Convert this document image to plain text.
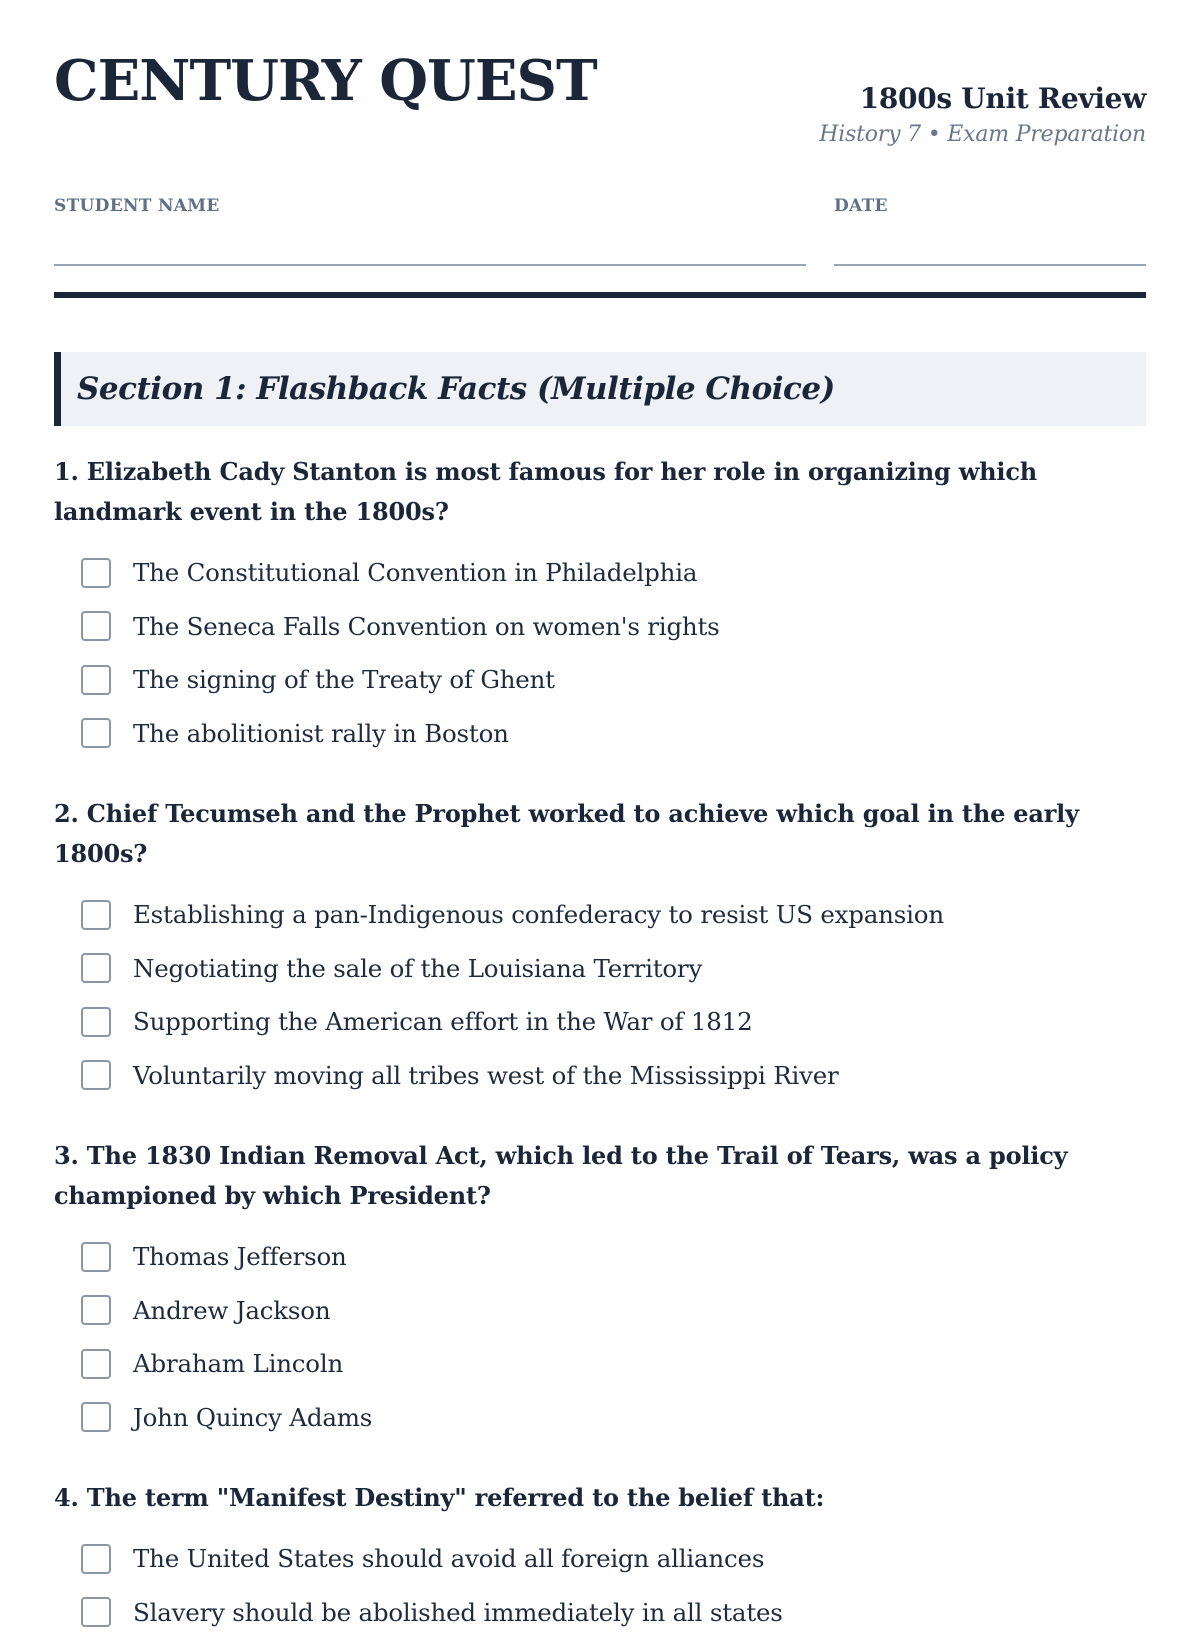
CENTURY QUEST	1800s Unit Review
History 7 • Exam Preparation
STUDENT NAME	DATE
Section 1: Flashback Facts (Multiple Choice)
1. Elizabeth Cady Stanton is most famous for her role in organizing which landmark event in the 1800s?
The Constitutional Convention in Philadelphia
The Seneca Falls Convention on women's rights
The signing of the Treaty of Ghent
The abolitionist rally in Boston
2. Chief Tecumseh and the Prophet worked to achieve which goal in the early 1800s?
Establishing a pan-Indigenous confederacy to resist US expansion
Negotiating the sale of the Louisiana Territory
Supporting the American effort in the War of 1812
Voluntarily moving all tribes west of the Mississippi River
3. The 1830 Indian Removal Act, which led to the Trail of Tears, was a policy championed by which President?
Thomas Jefferson
Andrew Jackson
Abraham Lincoln
John Quincy Adams
4. The term "Manifest Destiny" referred to the belief that:
The United States should avoid all foreign alliances
Slavery should be abolished immediately in all states
